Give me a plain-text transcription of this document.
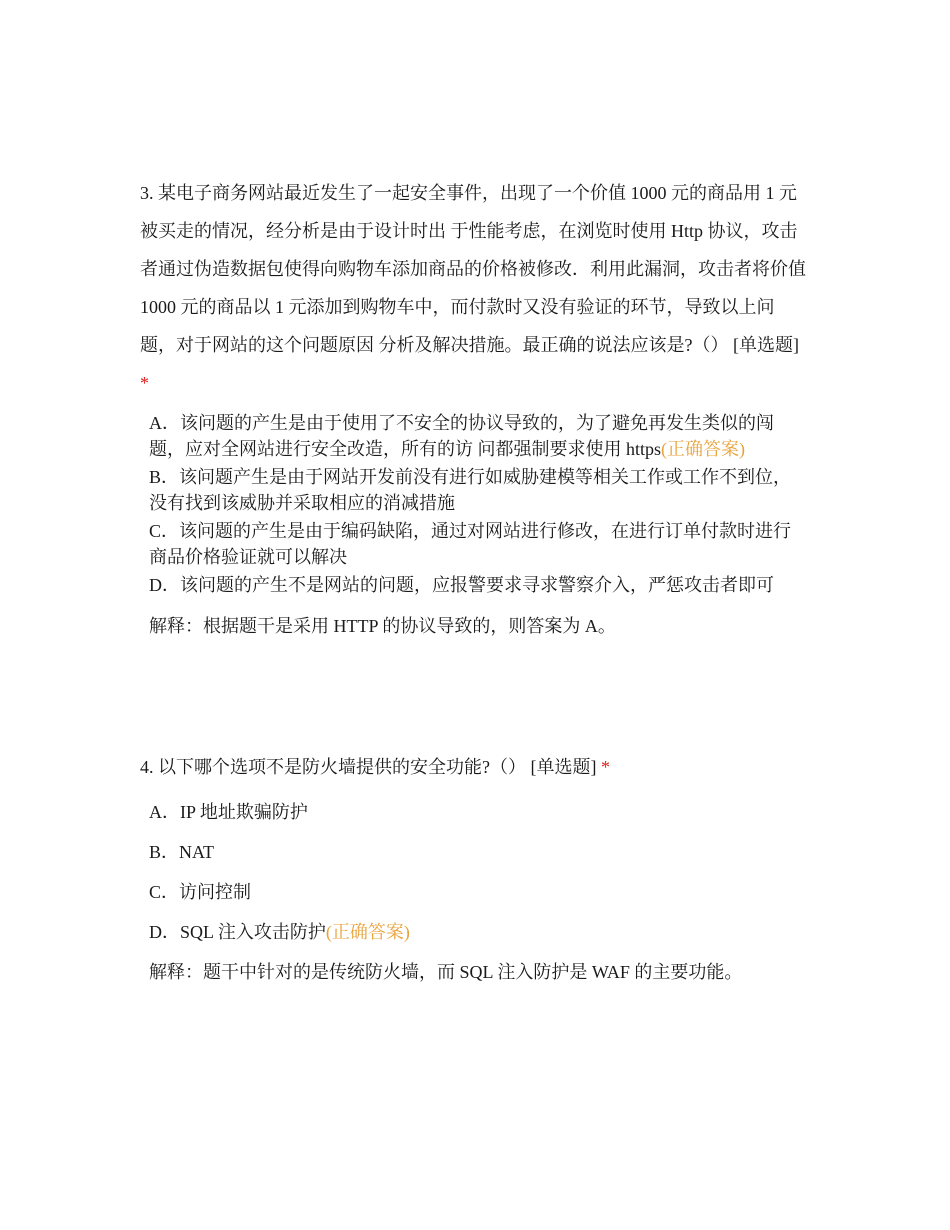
3. 某电子商务网站最近发生了一起安全事件，出现了一个价值 1000 元的商品用 1 元被买走的情况，经分析是由于设计时出 于性能考虑，在浏览时使用 Http 协议，攻击者通过伪造数据包使得向购物车添加商品的价格被修改．利用此漏洞，攻击者将价值 1000 元的商品以 1 元添加到购物车中，而付款时又没有验证的环节，导致以上问题，对于网站的这个问题原因 分析及解决措施。最正确的说法应该是?（） [单选题] *

A．该问题的产生是由于使用了不安全的协议导致的，为了避免再发生类似的闯题，应对全网站进行安全改造，所有的访 问都强制要求使用 https(正确答案)
B．该问题产生是由于网站开发前没有进行如威胁建模等相关工作或工作不到位，没有找到该威胁并采取相应的消减措施
C．该问题的产生是由于编码缺陷，通过对网站进行修改，在进行订单付款时进行商品价格验证就可以解决
D．该问题的产生不是网站的问题，应报警要求寻求警察介入，严惩攻击者即可

解释：根据题干是采用 HTTP 的协议导致的，则答案为 A。

4. 以下哪个选项不是防火墙提供的安全功能?（） [单选题] *

A．IP 地址欺骗防护
B．NAT
C．访问控制
D．SQL 注入攻击防护(正确答案)

解释：题干中针对的是传统防火墙，而 SQL 注入防护是 WAF 的主要功能。
